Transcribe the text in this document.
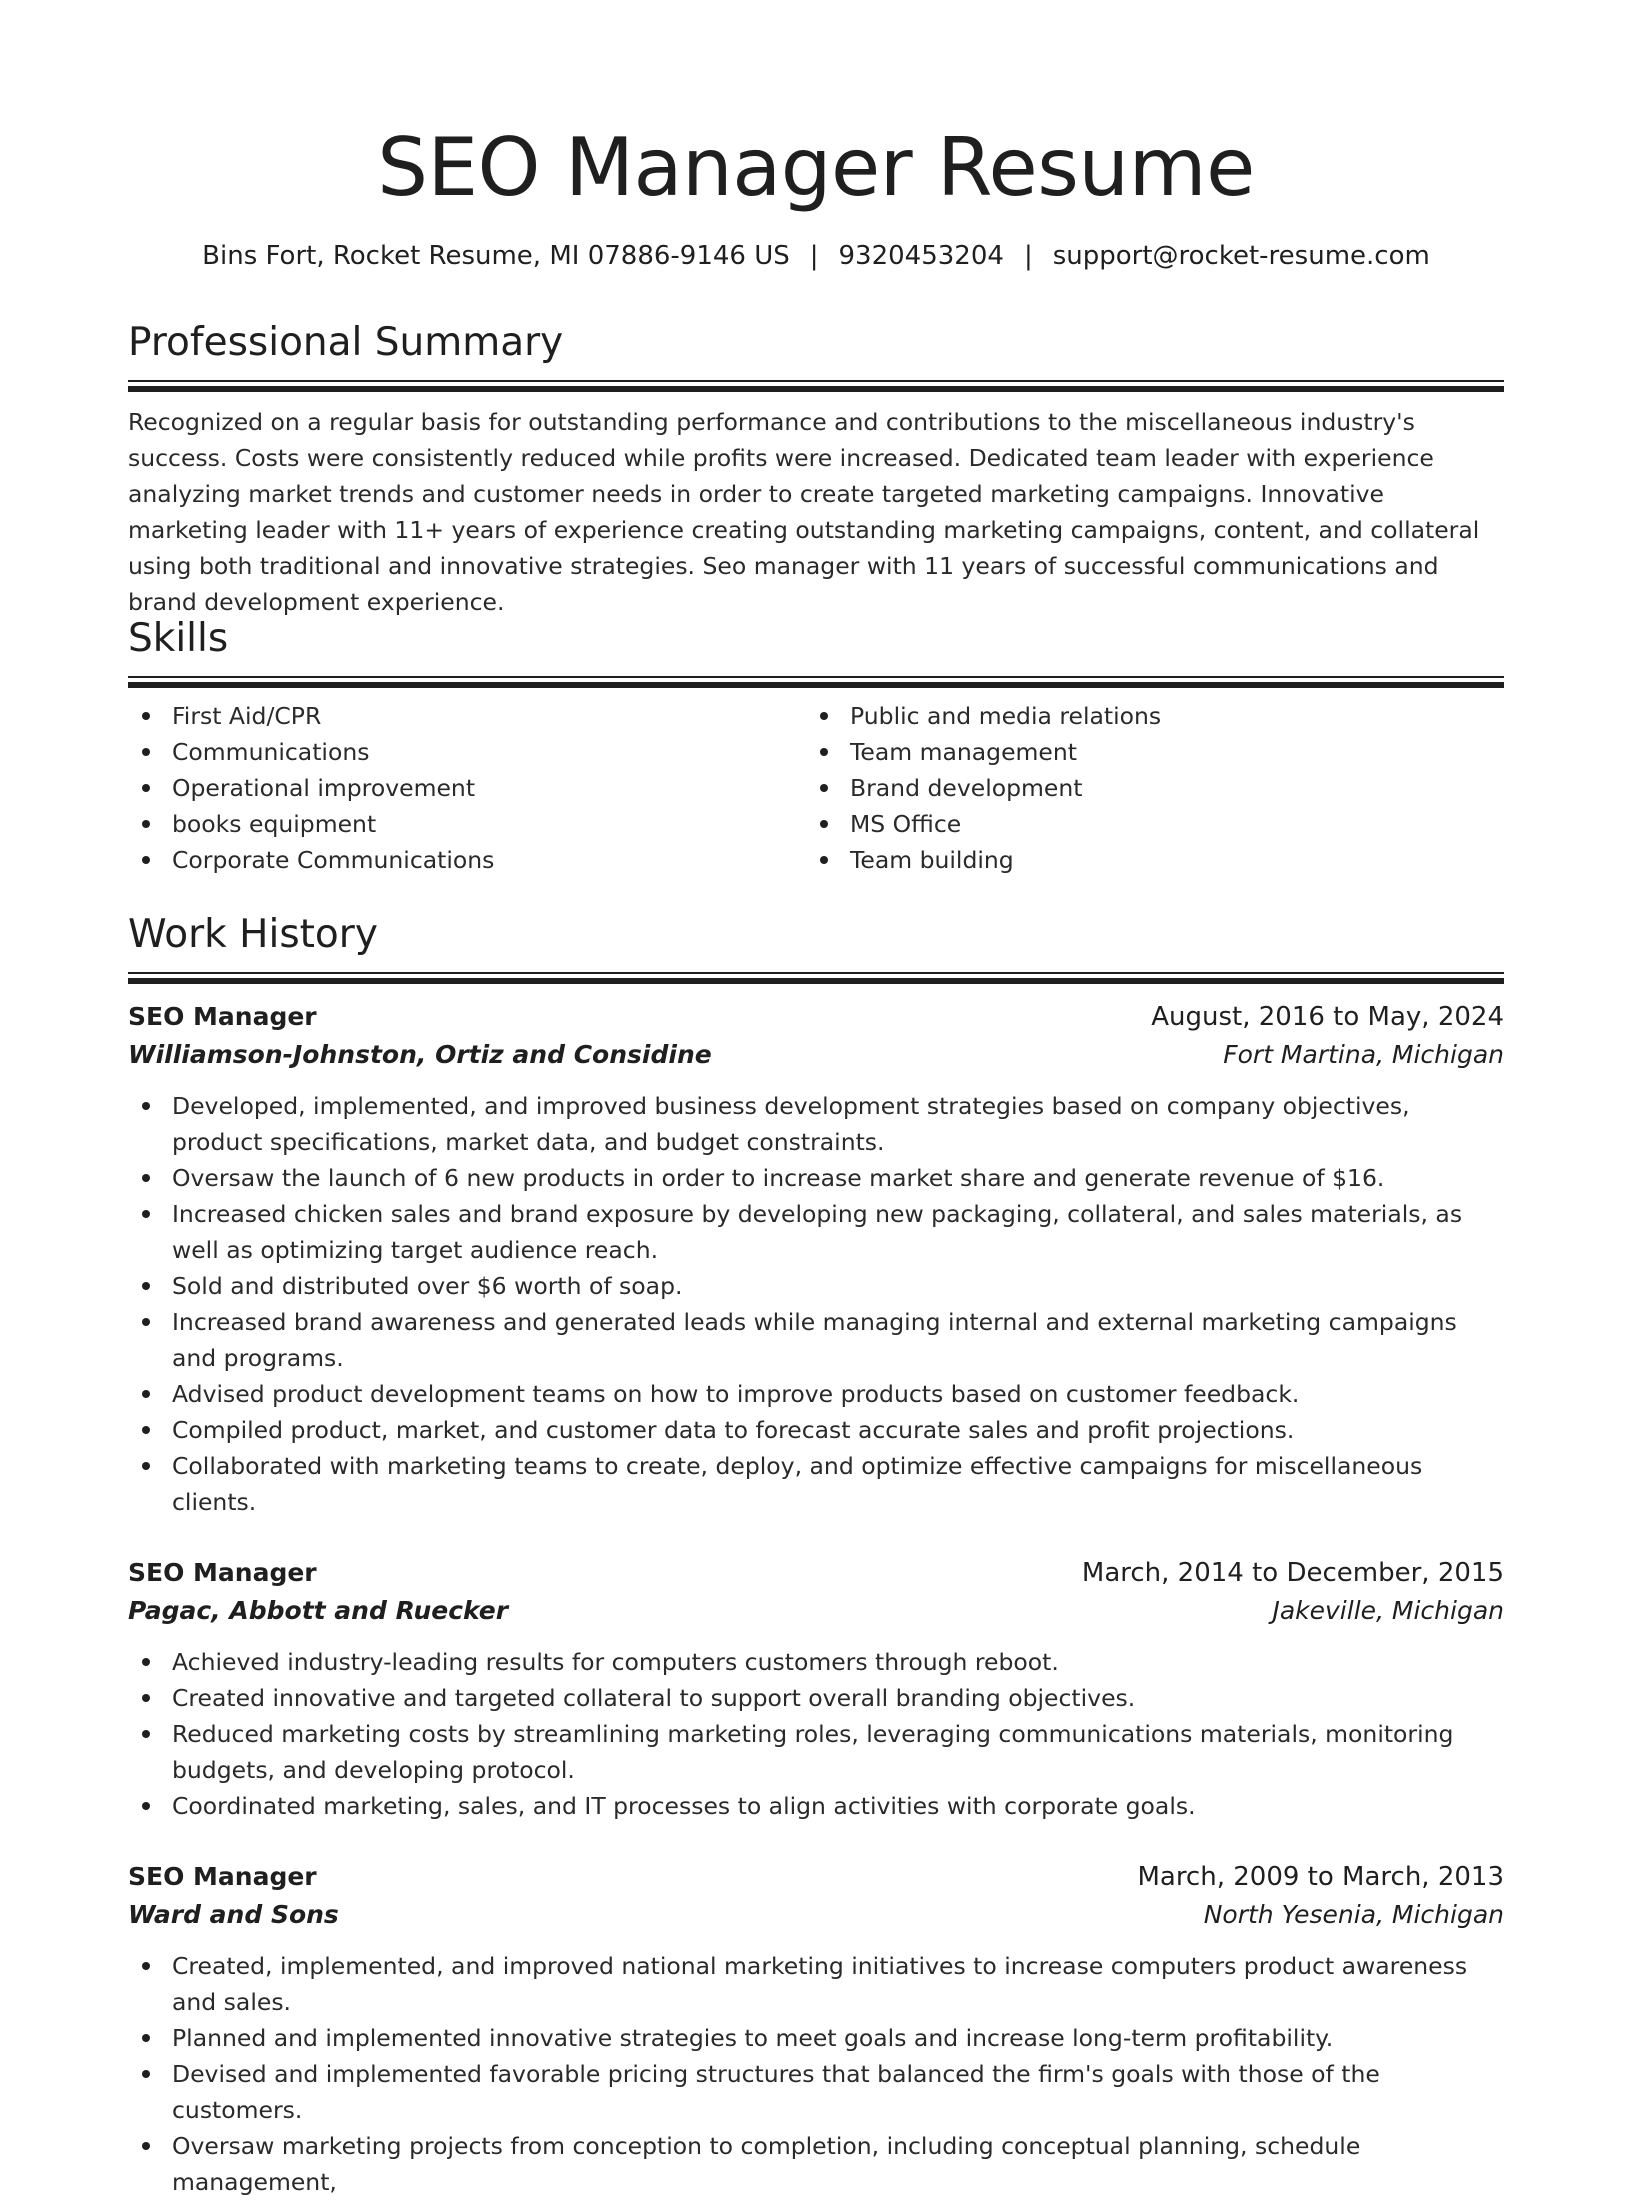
SEO Manager Resume
Bins Fort, Rocket Resume, MI 07886-9146 US | 9320453204 | support@rocket-resume.com
Professional Summary

Recognized on a regular basis for outstanding performance and contributions to the miscellaneous industry's success. Costs were consistently reduced while profits were increased. Dedicated team leader with experience analyzing market trends and customer needs in order to create targeted marketing campaigns. Innovative marketing leader with 11+ years of experience creating outstanding marketing campaigns, content, and collateral using both traditional and innovative strategies. Seo manager with 11 years of successful communications and brand development experience.

Skills
First Aid/CPR
Communications
Operational improvement
books equipment
Corporate Communications
Public and media relations
Team management
Brand development
MS Office
Team building
Work History
SEO Manager	August, 2016 to May, 2024
Williamson-Johnston, Ortiz and Considine	Fort Martina, Michigan
Developed, implemented, and improved business development strategies based on company objectives, product specifications, market data, and budget constraints.
Oversaw the launch of 6 new products in order to increase market share and generate revenue of $16.
Increased chicken sales and brand exposure by developing new packaging, collateral, and sales materials, as well as optimizing target audience reach.
Sold and distributed over $6 worth of soap.
Increased brand awareness and generated leads while managing internal and external marketing campaigns and programs.
Advised product development teams on how to improve products based on customer feedback.
Compiled product, market, and customer data to forecast accurate sales and profit projections.
Collaborated with marketing teams to create, deploy, and optimize effective campaigns for miscellaneous clients.
SEO Manager	March, 2014 to December, 2015
Pagac, Abbott and Ruecker	Jakeville, Michigan
Achieved industry-leading results for computers customers through reboot.
Created innovative and targeted collateral to support overall branding objectives.
Reduced marketing costs by streamlining marketing roles, leveraging communications materials, monitoring budgets, and developing protocol.
Coordinated marketing, sales, and IT processes to align activities with corporate goals.
SEO Manager	March, 2009 to March, 2013
Ward and Sons	North Yesenia, Michigan
Created, implemented, and improved national marketing initiatives to increase computers product awareness and sales.
Planned and implemented innovative strategies to meet goals and increase long-term profitability.
Devised and implemented favorable pricing structures that balanced the firm's goals with those of the customers.
Oversaw marketing projects from conception to completion, including conceptual planning, schedule management,
